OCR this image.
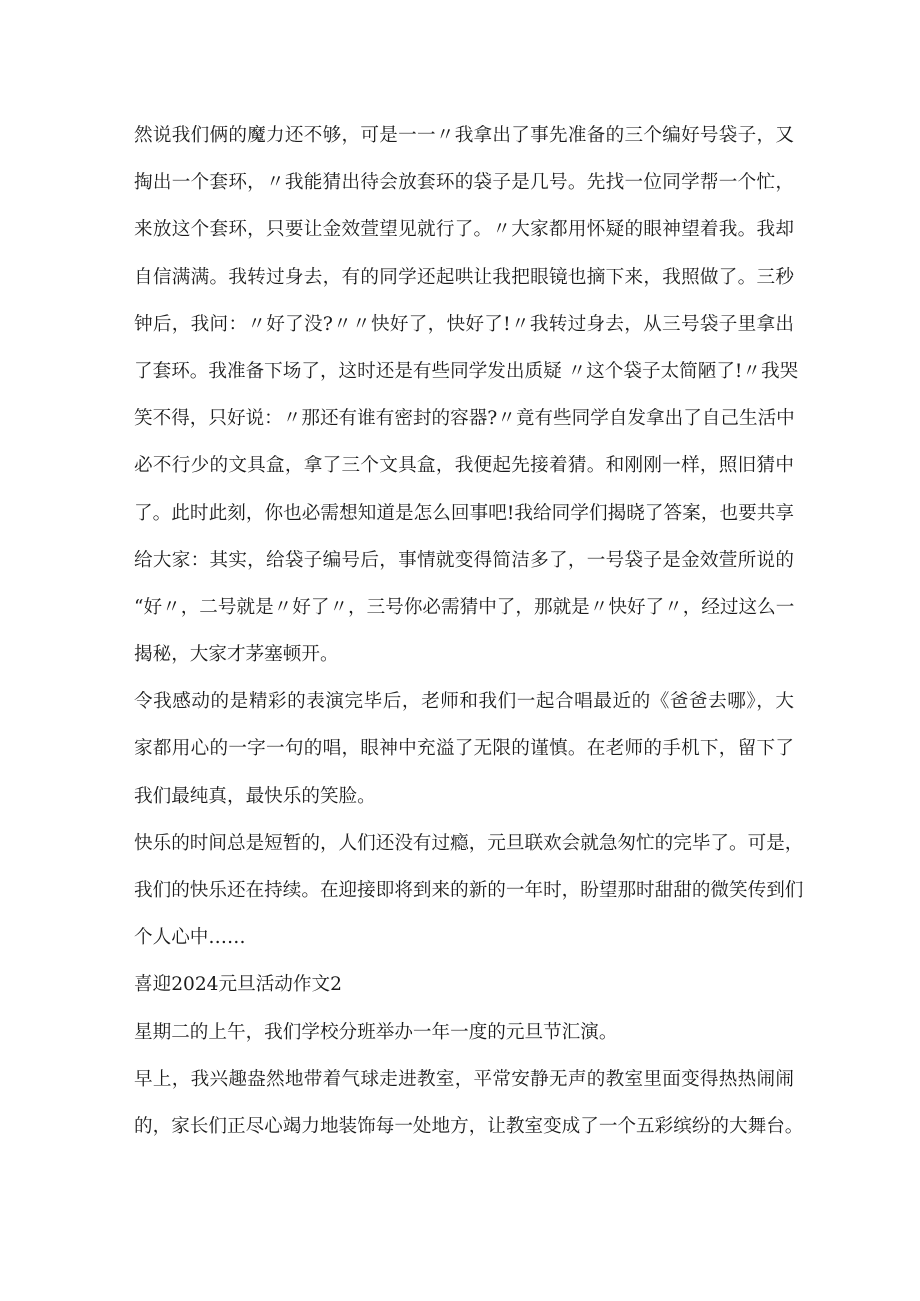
然说我们俩的魔力还不够，可是一一〃我拿出了事先准备的三个编好号袋子，又
掏出一个套环，〃我能猜出待会放套环的袋子是几号。先找一位同学帮一个忙，
来放这个套环，只要让金效萱望见就行了。〃大家都用怀疑的眼神望着我。我却
自信满满。我转过身去，有的同学还起哄让我把眼镜也摘下来，我照做了。三秒
钟后，我问：〃好了没?〃〃快好了，快好了!〃我转过身去，从三号袋子里拿出
了套环。我准备下场了，这时还是有些同学发出质疑 〃这个袋子太简陋了!〃我哭
笑不得，只好说：〃那还有谁有密封的容器?〃竟有些同学自发拿出了自己生活中
必不行少的文具盒，拿了三个文具盒，我便起先接着猜。和刚刚一样，照旧猜中
了。此时此刻，你也必需想知道是怎么回事吧!我给同学们揭晓了答案，也要共享
给大家：其实，给袋子编号后，事情就变得简洁多了，一号袋子是金效萱所说的
“好〃，二号就是〃好了〃，三号你必需猜中了，那就是〃快好了〃，经过这么一
揭秘，大家才茅塞顿开。
令我感动的是精彩的表演完毕后，老师和我们一起合唱最近的《爸爸去哪》，大
家都用心的一字一句的唱，眼神中充溢了无限的谨慎。在老师的手机下，留下了
我们最纯真，最快乐的笑脸。
快乐的时间总是短暂的，人们还没有过瘾，元旦联欢会就急匆忙的完毕了。可是，
我们的快乐还在持续。在迎接即将到来的新的一年时，盼望那时甜甜的微笑传到们
个人心中……
喜迎2024元旦活动作文2
星期二的上午，我们学校分班举办一年一度的元旦节汇演。
早上，我兴趣盎然地带着气球走进教室，平常安静无声的教室里面变得热热闹闹
的，家长们正尽心竭力地装饰每一处地方，让教室变成了一个五彩缤纷的大舞台。
